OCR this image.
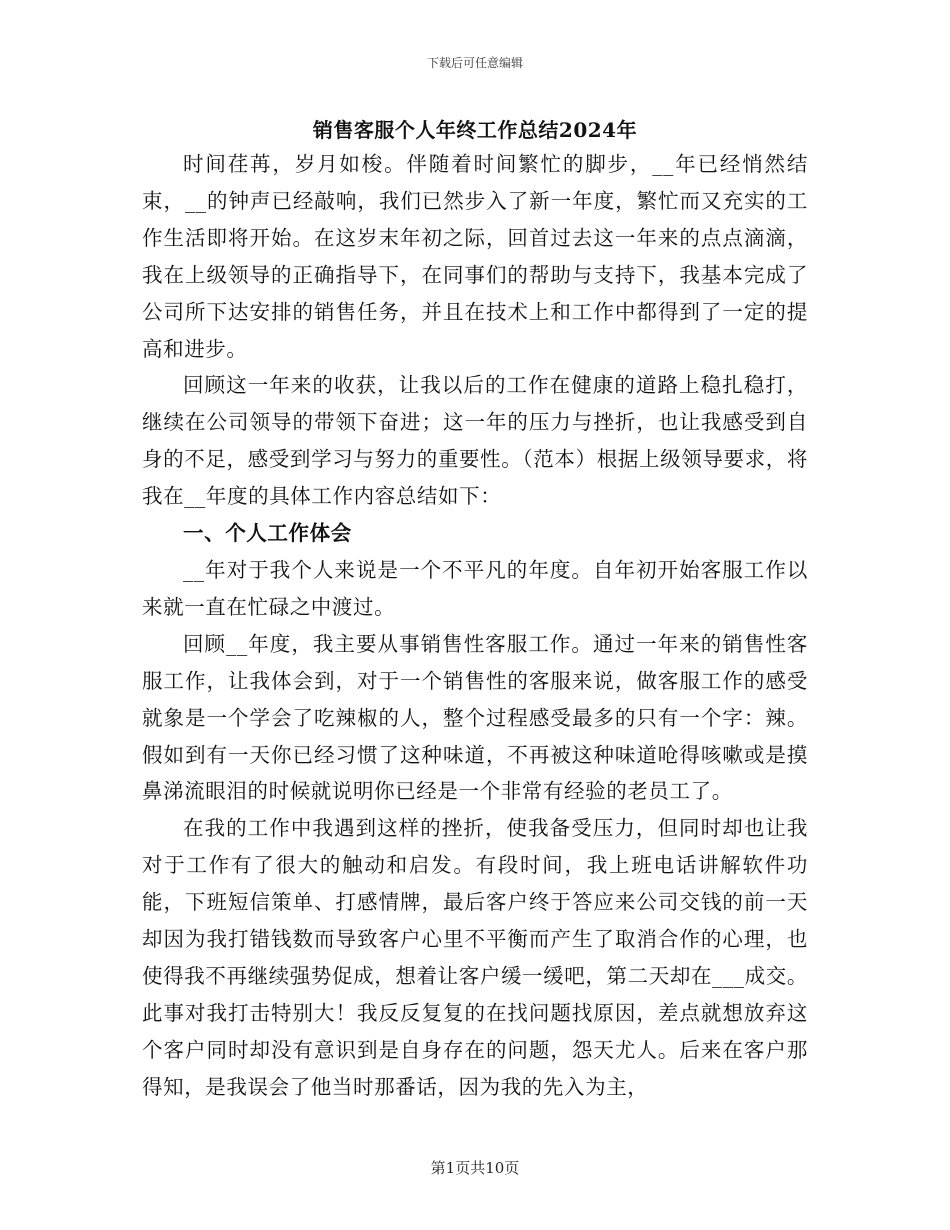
下载后可任意编辑
销售客服个人年终工作总结2024年

时间荏苒，岁月如梭。伴随着时间繁忙的脚步，__年已经悄然结束，__的钟声已经敲响，我们已然步入了新一年度，繁忙而又充实的工作生活即将开始。在这岁末年初之际，回首过去这一年来的点点滴滴，我在上级领导的正确指导下，在同事们的帮助与支持下，我基本完成了公司所下达安排的销售任务，并且在技术上和工作中都得到了一定的提高和进步。

回顾这一年来的收获，让我以后的工作在健康的道路上稳扎稳打，继续在公司领导的带领下奋进；这一年的压力与挫折，也让我感受到自身的不足，感受到学习与努力的重要性。（范本）根据上级领导要求，将我在__年度的具体工作内容总结如下：

一、个人工作体会

__年对于我个人来说是一个不平凡的年度。自年初开始客服工作以来就一直在忙碌之中渡过。

回顾__年度，我主要从事销售性客服工作。通过一年来的销售性客服工作，让我体会到，对于一个销售性的客服来说，做客服工作的感受就象是一个学会了吃辣椒的人，整个过程感受最多的只有一个字：辣。假如到有一天你已经习惯了这种味道，不再被这种味道呛得咳嗽或是摸鼻涕流眼泪的时候就说明你已经是一个非常有经验的老员工了。

在我的工作中我遇到这样的挫折，使我备受压力，但同时却也让我对于工作有了很大的触动和启发。有段时间，我上班电话讲解软件功能，下班短信策单、打感情牌，最后客户终于答应来公司交钱的前一天却因为我打错钱数而导致客户心里不平衡而产生了取消合作的心理，也使得我不再继续强势促成，想着让客户缓一缓吧，第二天却在___成交。此事对我打击特别大！我反反复复的在找问题找原因，差点就想放弃这个客户同时却没有意识到是自身存在的问题，怨天尤人。后来在客户那得知，是我误会了他当时那番话，因为我的先入为主，

第1页共10页
